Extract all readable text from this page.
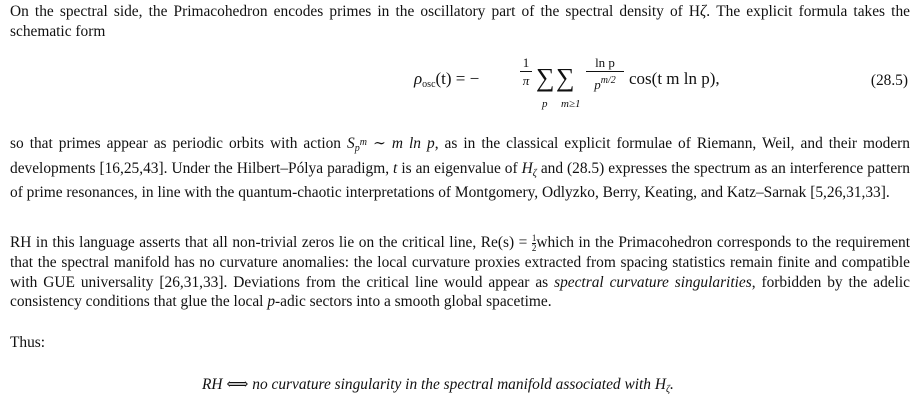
On the spectral side, the Primacohedron encodes primes in the oscillatory part of the spectral density of Hζ. The explicit formula takes the schematic form

$\rho_{osc}(t)$ = −
1
π ∑ ∑
p m≥1
ln p
$p^{m/2}$ cos(t m ln p),	(28.5)

so that primes appear as periodic orbits with action $S_{p^m}$ ∼ m ln p, as in the classical explicit formulae of Riemann, Weil, and their modern developments [16,25,43]. Under the Hilbert–Pólya paradigm, t is an eigenvalue of $H_\zeta$ and (28.5) expresses the spectrum as an interference pattern of prime resonances, in line with the quantum-chaotic interpretations of Montgomery, Odlyzko, Berry, Keating, and Katz–Sarnak [5,26,31,33].

RH in this language asserts that all non-trivial zeros lie on the critical line, $Re(s) = \frac{1}{2}$ which in the Primacohedron corresponds to the requirement that the spectral manifold has no curvature anomalies: the local curvature proxies extracted from spacing statistics remain finite and compatible with GUE universality [26,31,33]. Deviations from the critical line would appear as spectral curvature singularities, forbidden by the adelic consistency conditions that glue the local p-adic sectors into a smooth global spacetime.

Thus:

RH ⟺ no curvature singularity in the spectral manifold associated with $H_\zeta$.
